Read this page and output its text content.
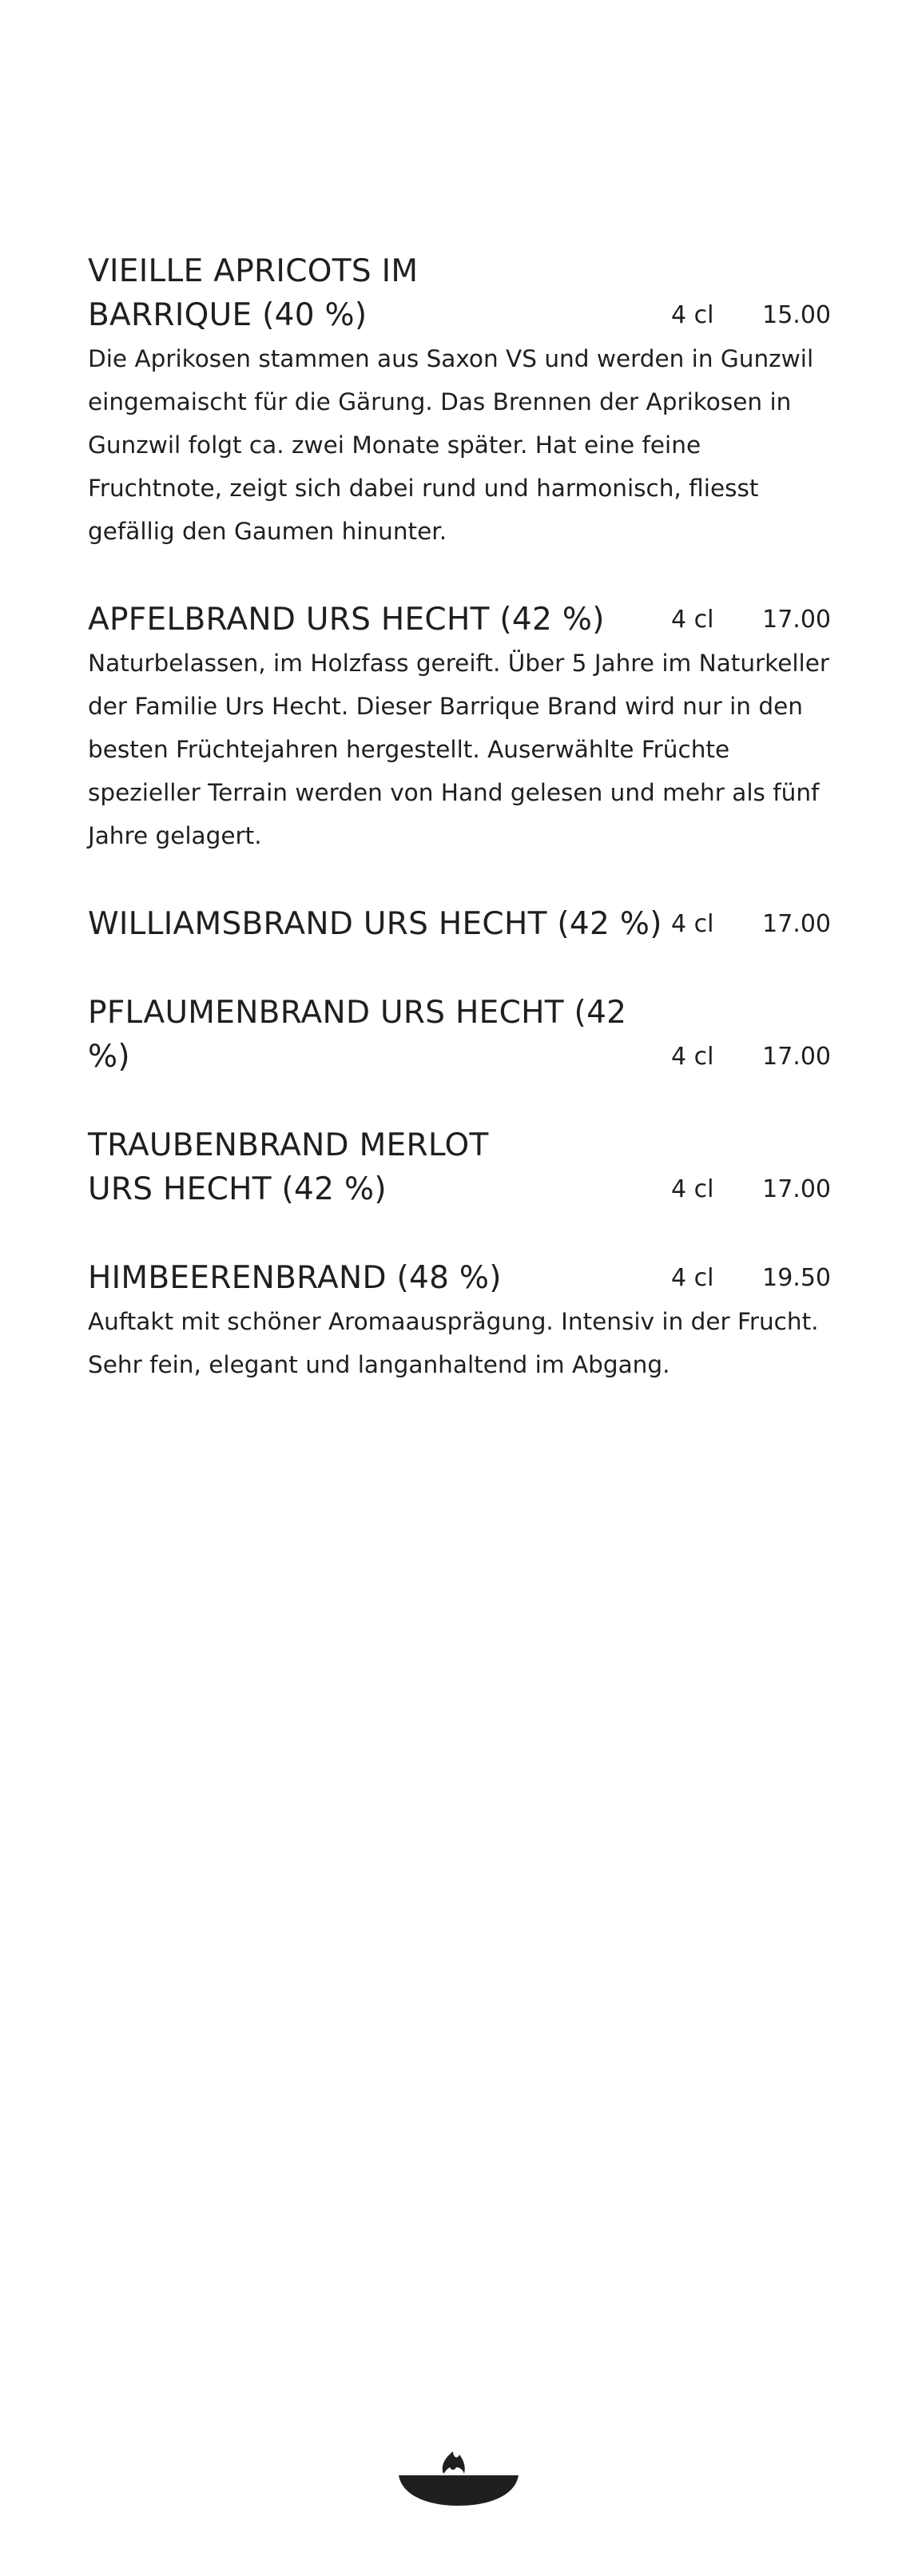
VIEILLE APRICOTS IM
BARRIQUE (40 %)	4 cl	15.00

Die Aprikosen stammen aus Saxon VS und werden in Gunzwil eingemaischt für die Gärung. Das Brennen der Aprikosen in Gunzwil folgt ca. zwei Monate später. Hat eine feine Fruchtnote, zeigt sich dabei rund und harmonisch, fliesst gefällig den Gaumen hinunter.

APFELBRAND URS HECHT (42 %)	4 cl	17.00

Naturbelassen, im Holzfass gereift. Über 5 Jahre im Naturkeller der Familie Urs Hecht. Dieser Barrique Brand wird nur in den besten Früchtejahren hergestellt. Auserwählte Früchte spezieller Terrain werden von Hand gelesen und mehr als fünf Jahre gelagert.

WILLIAMSBRAND URS HECHT (42 %) 4 cl	17.00
PFLAUMENBRAND URS HECHT (42 %)	4 cl	17.00
TRAUBENBRAND MERLOT
URS HECHT (42 %)	4 cl	17.00
HIMBEERENBRAND (48 %)	4 cl	19.50

Auftakt mit schöner Aromaausprägung. Intensiv in der Frucht. Sehr fein, elegant und langanhaltend im Abgang.
